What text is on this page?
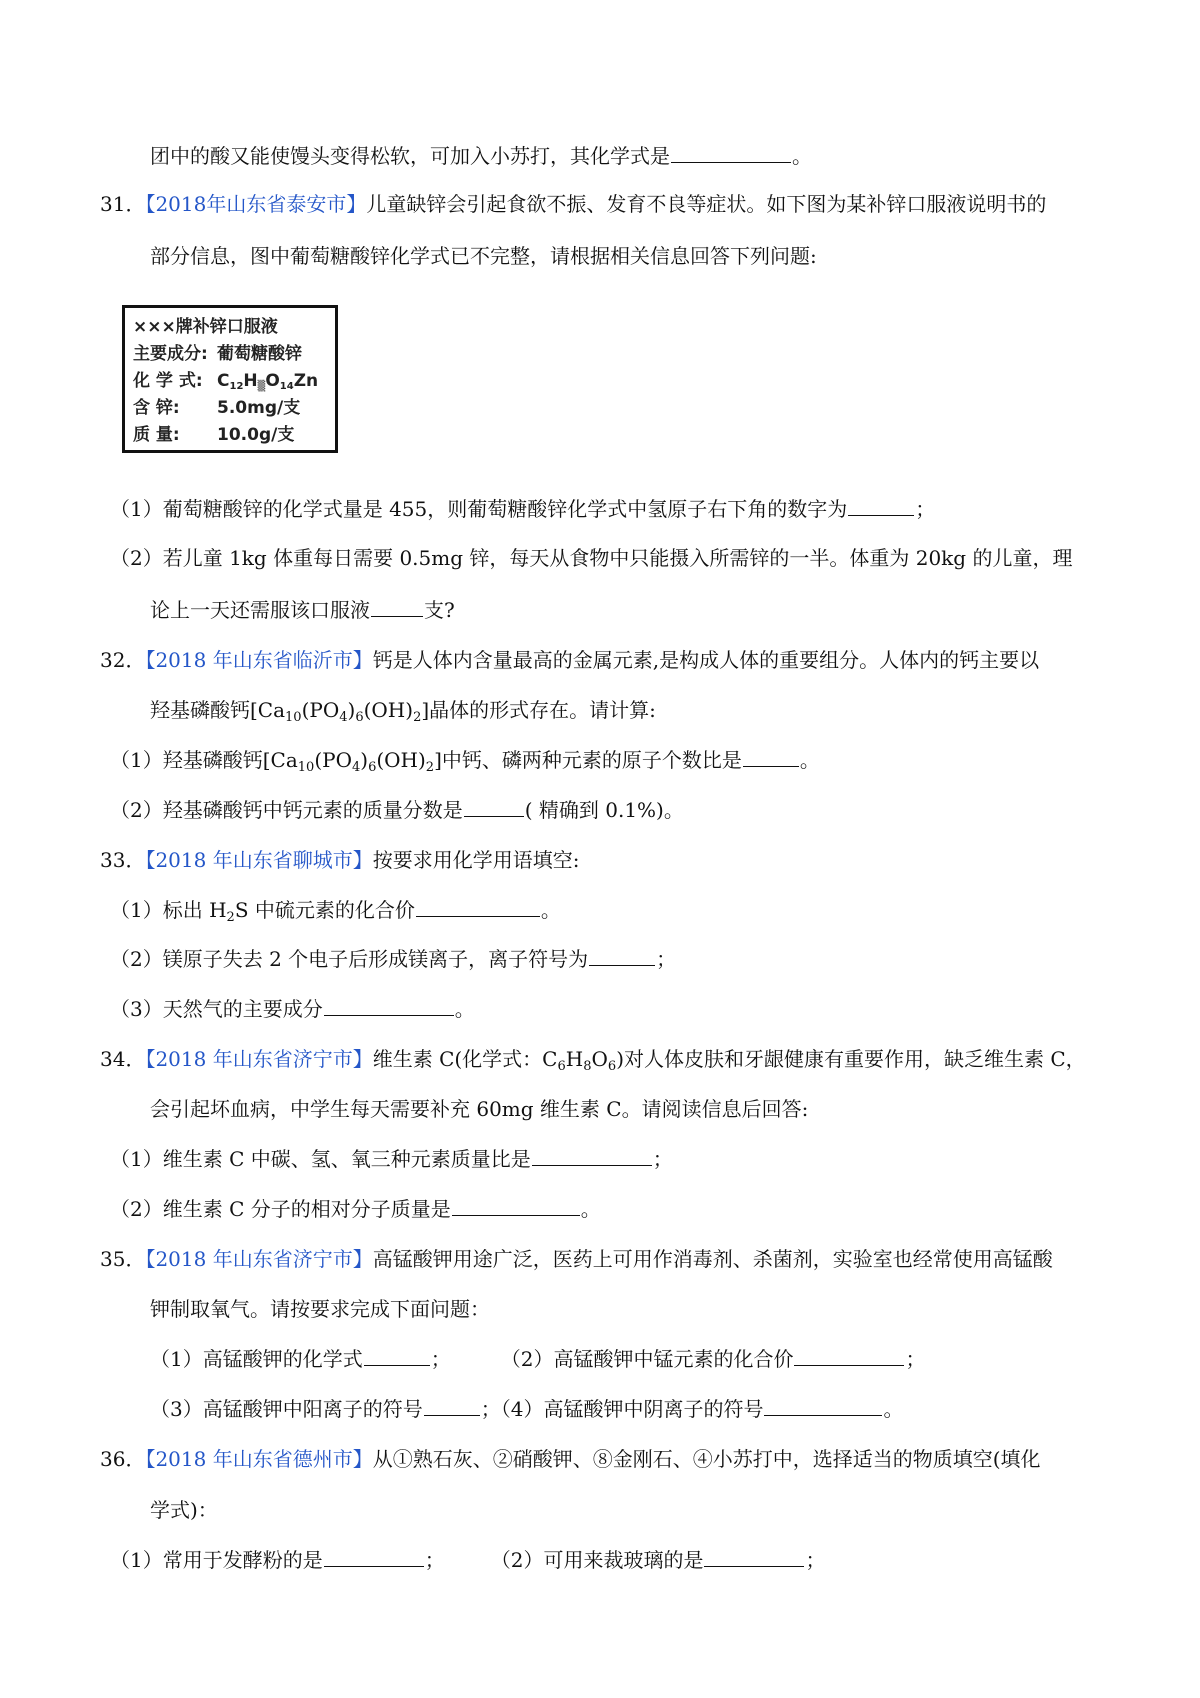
团中的酸又能使馒头变得松软，可加入小苏打，其化学式是	。
31．【2018年山东省泰安市】儿童缺锌会引起食欲不振、发育不良等症状。如下图为某补锌口服液说明书的
部分信息，图中葡萄糖酸锌化学式已不完整，请根据相关信息回答下列问题:
×××牌补锌口服液
主要成分: 葡萄糖酸锌
化 学 式: $C_{12}H_▒O_{14}Zn$
含 锌: 5.0mg/支
质 量: 10.0g/支
（1）葡萄糖酸锌的化学式量是 455，则葡萄糖酸锌化学式中氢原子右下角的数字为	；
（2）若儿童 1kg 体重每日需要 0.5mg 锌，每天从食物中只能摄入所需锌的一半。体重为 20kg 的儿童，理
论上一天还需服该口服液	支?
32．【2018 年山东省临沂市】钙是人体内含量最高的金属元素,是构成人体的重要组分。人体内的钙主要以
羟基磷酸钙$[Ca_{10}(PO_4)_6(OH)_2]$晶体的形式存在。请计算:
（1）羟基磷酸钙$[Ca_{10}(PO_4)_6(OH)_2]$中钙、磷两种元素的原子个数比是	。
（2）羟基磷酸钙中钙元素的质量分数是	( 精确到 0.1%)。
33．【2018 年山东省聊城市】按要求用化学用语填空:
（1）标出 $H_2S$ 中硫元素的化合价	。
（2）镁原子失去 2 个电子后形成镁离子，离子符号为	；
（3）天然气的主要成分	。
34．【2018 年山东省济宁市】维生素 C(化学式：$C_6H_8O_6$)对人体皮肤和牙龈健康有重要作用，缺乏维生素 C，
会引起坏血病，中学生每天需要补充 60mg 维生素 C。请阅读信息后回答:
（1）维生素 C 中碳、氢、氧三种元素质量比是	；
（2）维生素 C 分子的相对分子质量是	。
35．【2018 年山东省济宁市】高锰酸钾用途广泛，医药上可用作消毒剂、杀菌剂，实验室也经常使用高锰酸
钾制取氧气。请按要求完成下面问题：
（1）高锰酸钾的化学式	；	（2）高锰酸钾中锰元素的化合价	；
（3）高锰酸钾中阳离子的符号	；（4）高锰酸钾中阴离子的符号	。
36．【2018 年山东省德州市】从①熟石灰、②硝酸钾、⑧金刚石、④小苏打中，选择适当的物质填空(填化
学式)：
（1）常用于发酵粉的是	； （2）可用来裁玻璃的是	；
